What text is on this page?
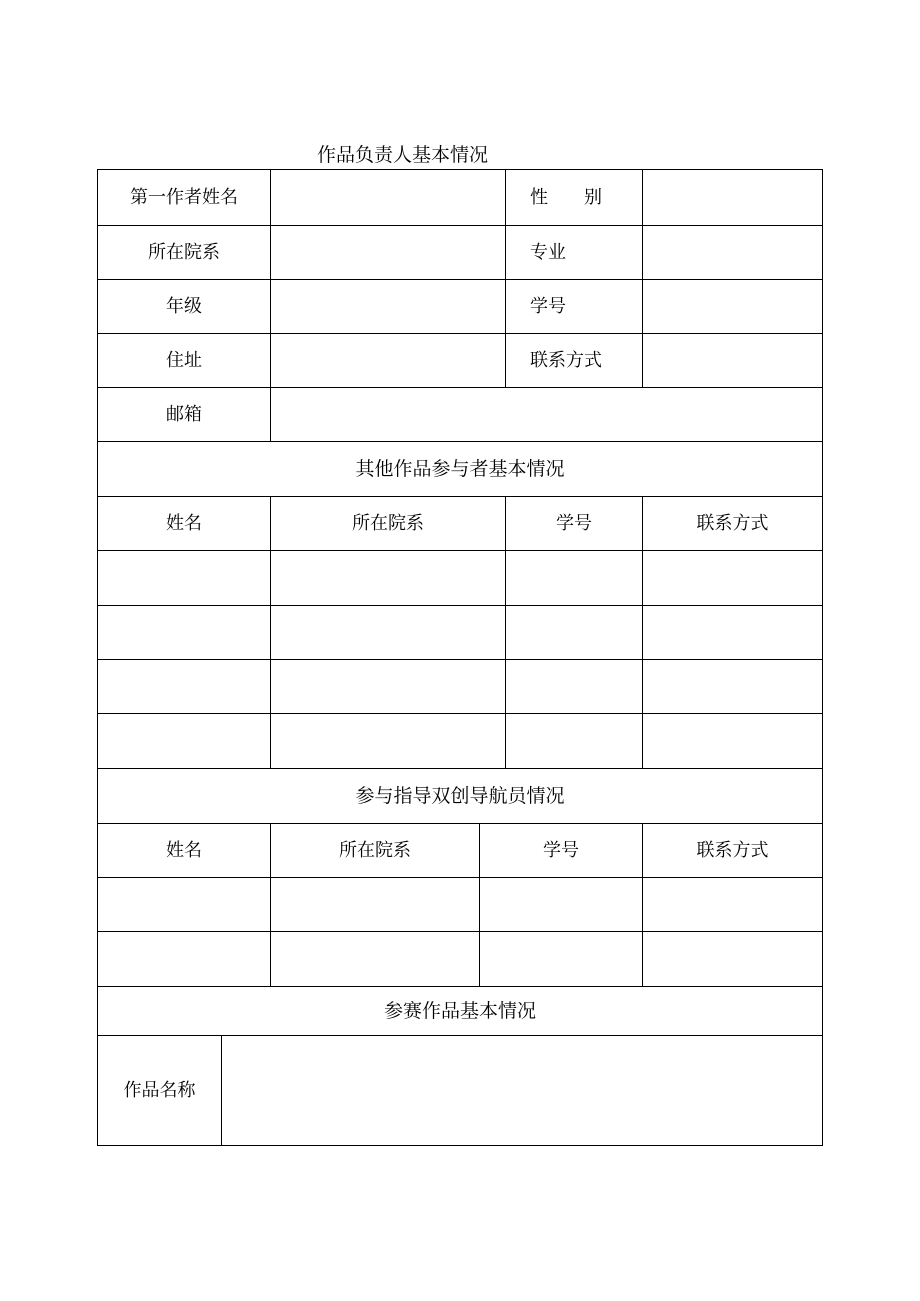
作品负责人基本情况
第一作者姓名	性　　别
所在院系	专业
年级	学号
住址	联系方式
邮箱
其他作品参与者基本情况
姓名	所在院系	学号	联系方式
参与指导双创导航员情况
姓名	所在院系	学号	联系方式
参赛作品基本情况
作品名称
